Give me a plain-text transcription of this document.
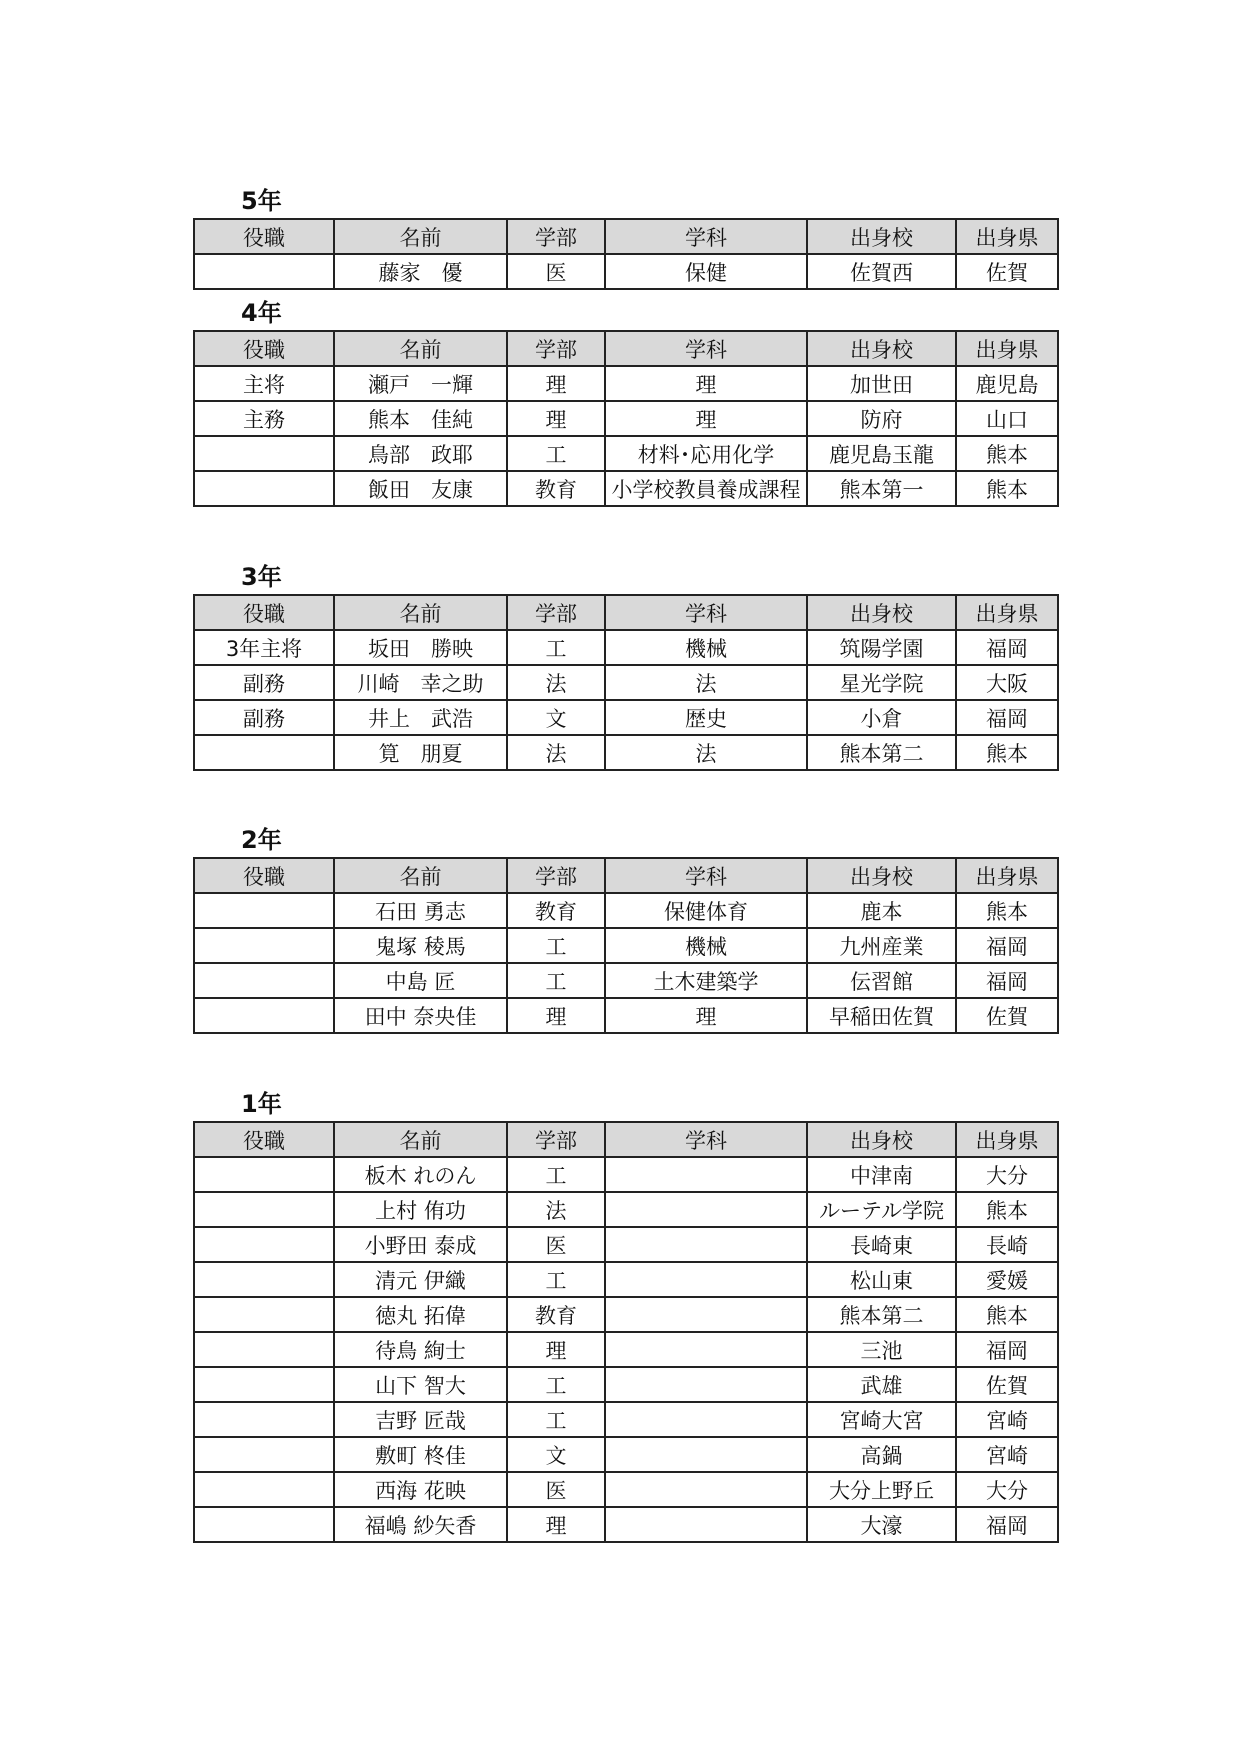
5年
役職	名前	学部	学科	出身校	出身県
	藤家　優	医	保健	佐賀西	佐賀
4年
役職	名前	学部	学科	出身校	出身県
主将	瀬戸　一輝	理	理	加世田	鹿児島
主務	熊本　佳純	理	理	防府	山口
	鳥部　政耶	工	材料･応用化学	鹿児島玉龍	熊本
	飯田　友康	教育	小学校教員養成課程	熊本第一	熊本
3年
役職	名前	学部	学科	出身校	出身県
3年主将	坂田　勝映	工	機械	筑陽学園	福岡
副務	川崎　幸之助	法	法	星光学院	大阪
副務	井上　武浩	文	歴史	小倉	福岡
	筧　朋夏	法	法	熊本第二	熊本
2年
役職	名前	学部	学科	出身校	出身県
	石田 勇志	教育	保健体育	鹿本	熊本
	鬼塚 稜馬	工	機械	九州産業	福岡
	中島 匠	工	土木建築学	伝習館	福岡
	田中 奈央佳	理	理	早稲田佐賀	佐賀
1年
役職	名前	学部	学科	出身校	出身県
	板木 れのん	工		中津南	大分
	上村 侑功	法		ルーテル学院	熊本
	小野田 泰成	医		長崎東	長崎
	清元 伊織	工		松山東	愛媛
	徳丸 拓偉	教育		熊本第二	熊本
	待鳥 絢士	理		三池	福岡
	山下 智大	工		武雄	佐賀
	吉野 匠哉	工		宮崎大宮	宮崎
	敷町 柊佳	文		高鍋	宮崎
	西海 花映	医		大分上野丘	大分
	福嶋 紗矢香	理		大濠	福岡
